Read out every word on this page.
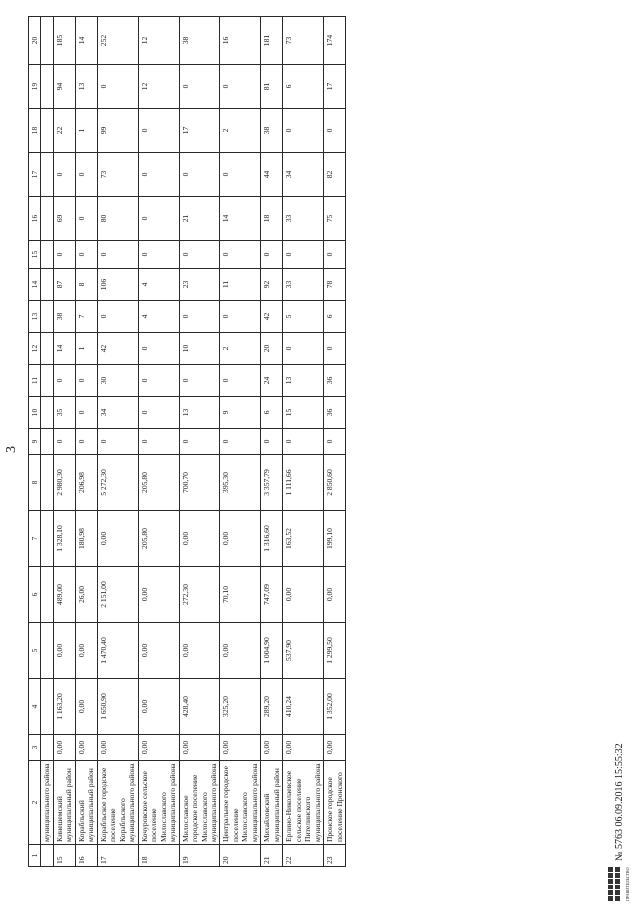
3
1	2	3	4	5	6	7	8	9	10	11	12	13	14	15	16	17	18	19	20
	муниципального района																		
15	Кинешемский муниципальный район	0,00	1 163,20	0,00	489,00	1 328,10	2 980,30	0	35	0	14	38	87	0	69	0	22	94	185
16	Корабльский муниципальный район	0,00	0,00	0,00	26,00	180,98	206,98	0	0	0	1	7	8	0	0	0	1	13	14
17	Корабльское городское поселение Корабльского муниципального района	0,00	1 650,90	1 470,40	2 151,00	0,00	5 272,30	0	34	30	42	0	106	0	80	73	99	0	252
18	Кочуровское сельское поселение Милославского муниципального района	0,00	0,00	0,00	0,00	205,80	205,80	0	0	0	0	4	4	0	0	0	0	12	12
19	Милославское городское поселение Милославского муниципального района	0,00	428,40	0,00	272,30	0,00	700,70	0	13	0	10	0	23	0	21	0	17	0	38
20	Центральное городское поселение Милославского муниципального района	0,00	325,20	0,00	70,10	0,00	395,30	0	9	0	2	0	11	0	14	0	2	0	16
21	Михайловский муниципальный район	0,00	289,20	1 004,90	747,09	1 316,60	3 357,79	0	6	24	20	42	92	0	18	44	38	81	181
22	Ерлино-Николаевское сельское поселение Пителинского муниципального района	0,00	410,24	537,90	0,00	163,52	1 111,66	0	15	13	0	5	33	0	33	34	0	6	73
23	Пронское городское поселение Пронского	0,00	1 352,00	1 299,50	0,00	199,10	2 850,60	0	36	36	0	6	78	0	75	82	0	17	174
ПРАВИТЕЛЬСТВО
№ 5763 06.09.2016 15:55:32
